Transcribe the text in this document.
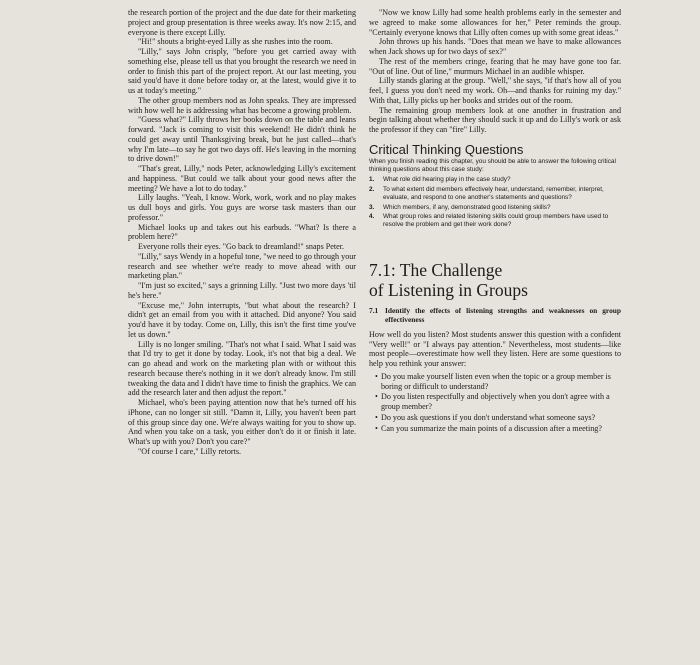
the research portion of the project and the due date for their marketing project and group presentation is three weeks away. It's now 2:15, and everyone is there except Lilly.

"Hi!" shouts a bright-eyed Lilly as she rushes into the room.

"Lilly," says John crisply, "before you get carried away with something else, please tell us that you brought the research we need in order to finish this part of the project report. At our last meeting, you said you'd have it done before today or, at the latest, would give it to us at today's meeting."

The other group members nod as John speaks. They are impressed with how well he is addressing what has become a growing problem.

"Guess what?" Lilly throws her books down on the table and leans forward. "Jack is coming to visit this weekend! He didn't think he could get away until Thanksgiving break, but he just called—that's why I'm late—to say he got two days off. He's leaving in the morning to drive down!"

"That's great, Lilly," nods Peter, acknowledging Lilly's excitement and happiness. "But could we talk about your good news after the meeting? We have a lot to do today."

Lilly laughs. "Yeah, I know. Work, work, work and no play makes us dull boys and girls. You guys are worse task masters than our professor."

Michael looks up and takes out his earbuds. "What? Is there a problem here?"

Everyone rolls their eyes. "Go back to dreamland!" snaps Peter.

"Lilly," says Wendy in a hopeful tone, "we need to go through your research and see whether we're ready to move ahead with our marketing plan."

"I'm just so excited," says a grinning Lilly. "Just two more days 'til he's here."

"Excuse me," John interrupts, "but what about the research? I didn't get an email from you with it attached. Did anyone? You said you'd have it by today. Come on, Lilly, this isn't the first time you've let us down."

Lilly is no longer smiling. "That's not what I said. What I said was that I'd try to get it done by today. Look, it's not that big a deal. We can go ahead and work on the marketing plan with or without this research because there's nothing in it we don't already know. I'm still tweaking the data and I didn't have time to finish the graphics. We can add the research later and then adjust the report."

Michael, who's been paying attention now that he's turned off his iPhone, can no longer sit still. "Damn it, Lilly, you haven't been part of this group since day one. We're always waiting for you to show up. And when you take on a task, you either don't do it or finish it late. What's up with you? Don't you care?"

"Of course I care," Lilly retorts.

"Now we know Lilly had some health problems early in the semester and we agreed to make some allowances for her," Peter reminds the group. "Certainly everyone knows that Lilly often comes up with some great ideas."

John throws up his hands. "Does that mean we have to make allowances when Jack shows up for two days of sex?"

The rest of the members cringe, fearing that he may have gone too far. "Out of line. Out of line," murmurs Michael in an audible whisper.

Lilly stands glaring at the group. "Well," she says, "if that's how all of you feel, I guess you don't need my work. Oh—and thanks for ruining my day." With that, Lilly picks up her books and strides out of the room.

The remaining group members look at one another in frustration and begin talking about whether they should suck it up and do Lilly's work or ask the professor if they can "fire" Lilly.

Critical Thinking Questions
When you finish reading this chapter, you should be able to answer the following critical thinking questions about this case study:
1.	What role did hearing play in the case study?
2.	To what extent did members effectively hear, understand, remember, interpret, evaluate, and respond to one another's statements and questions?
3.	Which members, if any, demonstrated good listening skills?
4.	What group roles and related listening skills could group members have used to resolve the problem and get their work done?
7.1: The Challenge
of Listening in Groups
7.1 Identify the effects of listening strengths and weaknesses on group effectiveness

How well do you listen? Most students answer this question with a confident "Very well!" or "I always pay attention." Nevertheless, most students—like most people—overestimate how well they listen. Here are some questions to help you rethink your answer:

• Do you make yourself listen even when the topic or a group member is boring or difficult to understand?
• Do you listen respectfully and objectively when you don't agree with a group member?
• Do you ask questions if you don't understand what someone says?
• Can you summarize the main points of a discussion after a meeting?
